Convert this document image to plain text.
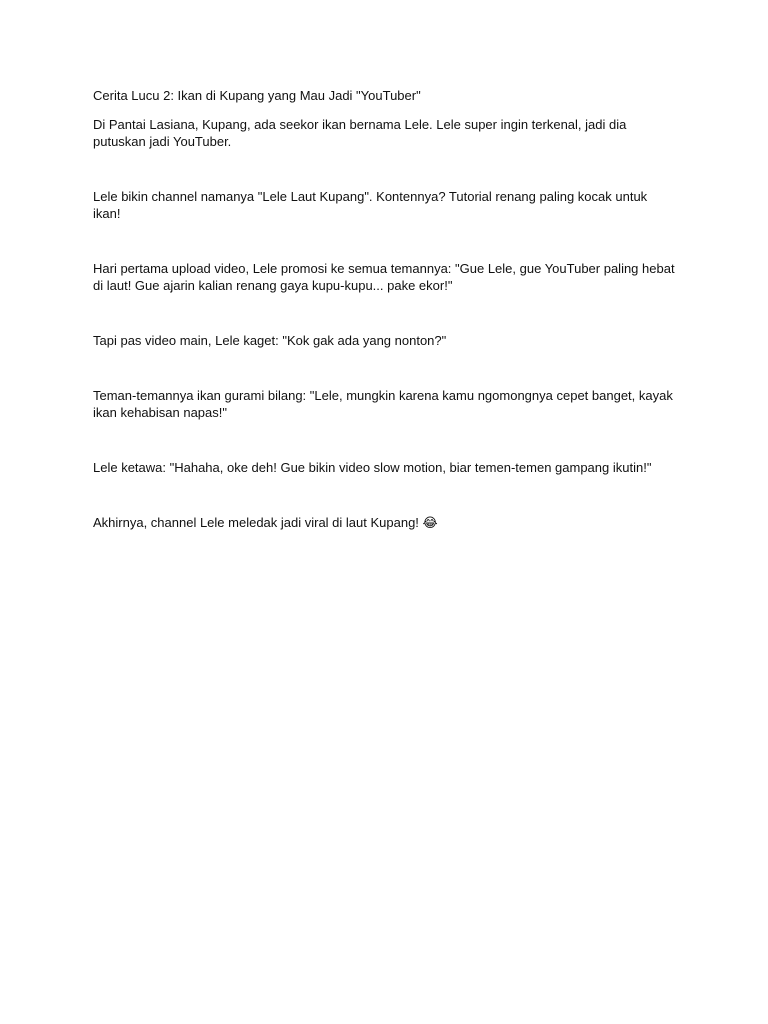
Cerita Lucu 2: Ikan di Kupang yang Mau Jadi "YouTuber"

Di Pantai Lasiana, Kupang, ada seekor ikan bernama Lele. Lele super ingin terkenal, jadi dia putuskan jadi YouTuber.

Lele bikin channel namanya "Lele Laut Kupang". Kontennya? Tutorial renang paling kocak untuk ikan!

Hari pertama upload video, Lele promosi ke semua temannya: "Gue Lele, gue YouTuber paling hebat di laut! Gue ajarin kalian renang gaya kupu-kupu... pake ekor!"

Tapi pas video main, Lele kaget: "Kok gak ada yang nonton?"

Teman-temannya ikan gurami bilang: "Lele, mungkin karena kamu ngomongnya cepet banget, kayak ikan kehabisan napas!"

Lele ketawa: "Hahaha, oke deh! Gue bikin video slow motion, biar temen-temen gampang ikutin!"

Akhirnya, channel Lele meledak jadi viral di laut Kupang! 😂
